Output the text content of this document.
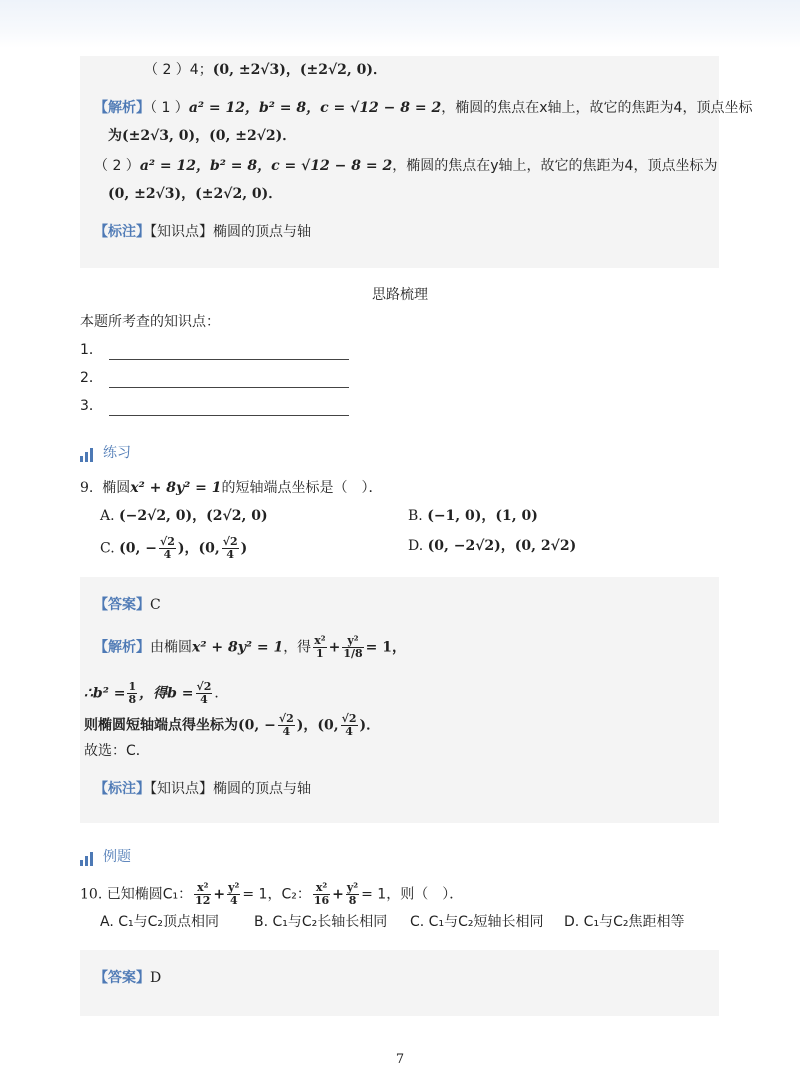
（ 2 ）4；(0, ±2√3)，(±2√2, 0)．
【解析】（ 1 ）a² = 12，b² = 8，c = √12 − 8 = 2，椭圆的焦点在x轴上，故它的焦距为4，顶点坐标
为(±2√3, 0)，(0, ±2√2)．
（ 2 ）a² = 12，b² = 8，c = √12 − 8 = 2，椭圆的焦点在y轴上，故它的焦距为4，顶点坐标为
(0, ±2√3)，(±2√2, 0)．
【标注】【知识点】椭圆的顶点与轴
思路梳理
本题所考查的知识点：
1．
2．
3．
练习
9. 椭圆x² + 8y² = 1的短轴端点坐标是（　）．
A. (−2√2, 0)，(2√2, 0)	B. (−1, 0)，(1, 0)
C. (0, − $\frac{√2}{4}$ )，(0, $\frac{√2}{4}$ )	D. (0, −2√2)，(0, 2√2)
【答案】C
【解析】由椭圆x² + 8y² = 1，得 $\frac{\text{x²}}{1} + \frac{\text{y²}}{1/8} = 1$，
∴b² = $\frac{1}{8}$ ，得$b = \frac{√2}{4}$ ．
则椭圆短轴端点得坐标为(0, − $\frac{√2}{4}$ )，(0, $\frac{√2}{4}$ )．
故选：C．
【标注】【知识点】椭圆的顶点与轴
例题
10. 已知椭圆C₁： $\frac{\text{x²}}{12} + \frac{\text{y²}}{4} = 1$，C₂： $\frac{\text{x²}}{16} + \frac{\text{y²}}{8} = 1$，则（　）．
A. C₁与C₂顶点相同 B. C₁与C₂长轴长相同 C. C₁与C₂短轴长相同 D. C₁与C₂焦距相等
【答案】D
7
